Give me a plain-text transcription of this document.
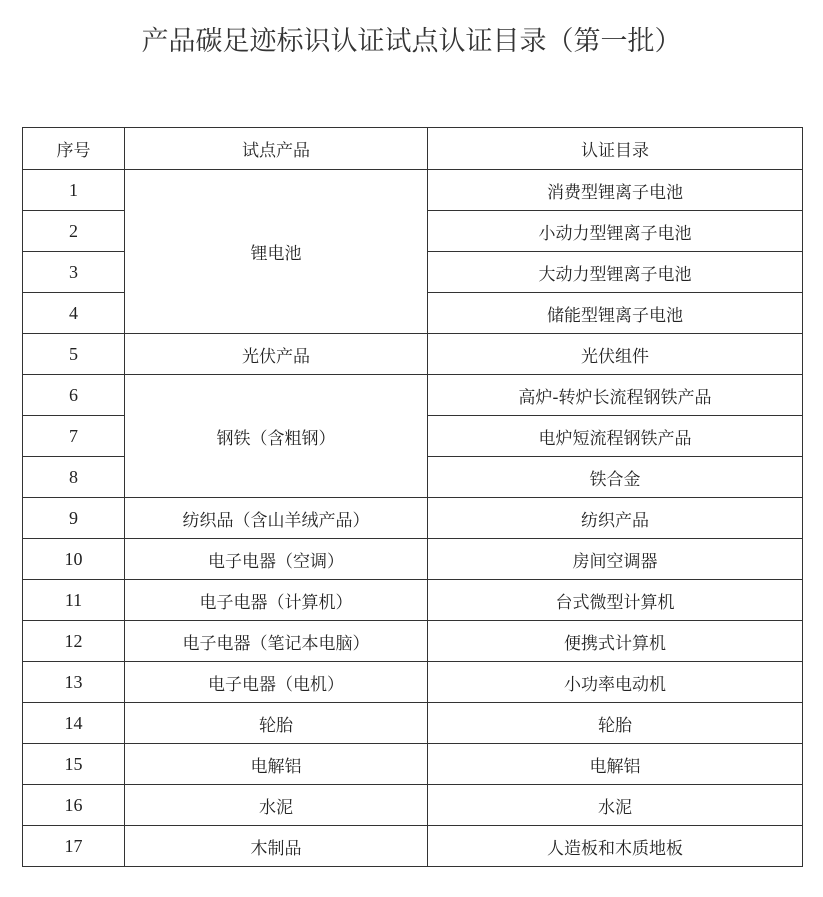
产品碳足迹标识认证试点认证目录（第一批）
序号	试点产品	认证目录
1	锂电池	消费型锂离子电池
2		小动力型锂离子电池
3		大动力型锂离子电池
4		储能型锂离子电池
5	光伏产品	光伏组件
6	钢铁（含粗钢）	高炉-转炉长流程钢铁产品
7		电炉短流程钢铁产品
8		铁合金
9	纺织品（含山羊绒产品）	纺织产品
10	电子电器（空调）	房间空调器
11	电子电器（计算机）	台式微型计算机
12	电子电器（笔记本电脑）	便携式计算机
13	电子电器（电机）	小功率电动机
14	轮胎	轮胎
15	电解铝	电解铝
16	水泥	水泥
17	木制品	人造板和木质地板
